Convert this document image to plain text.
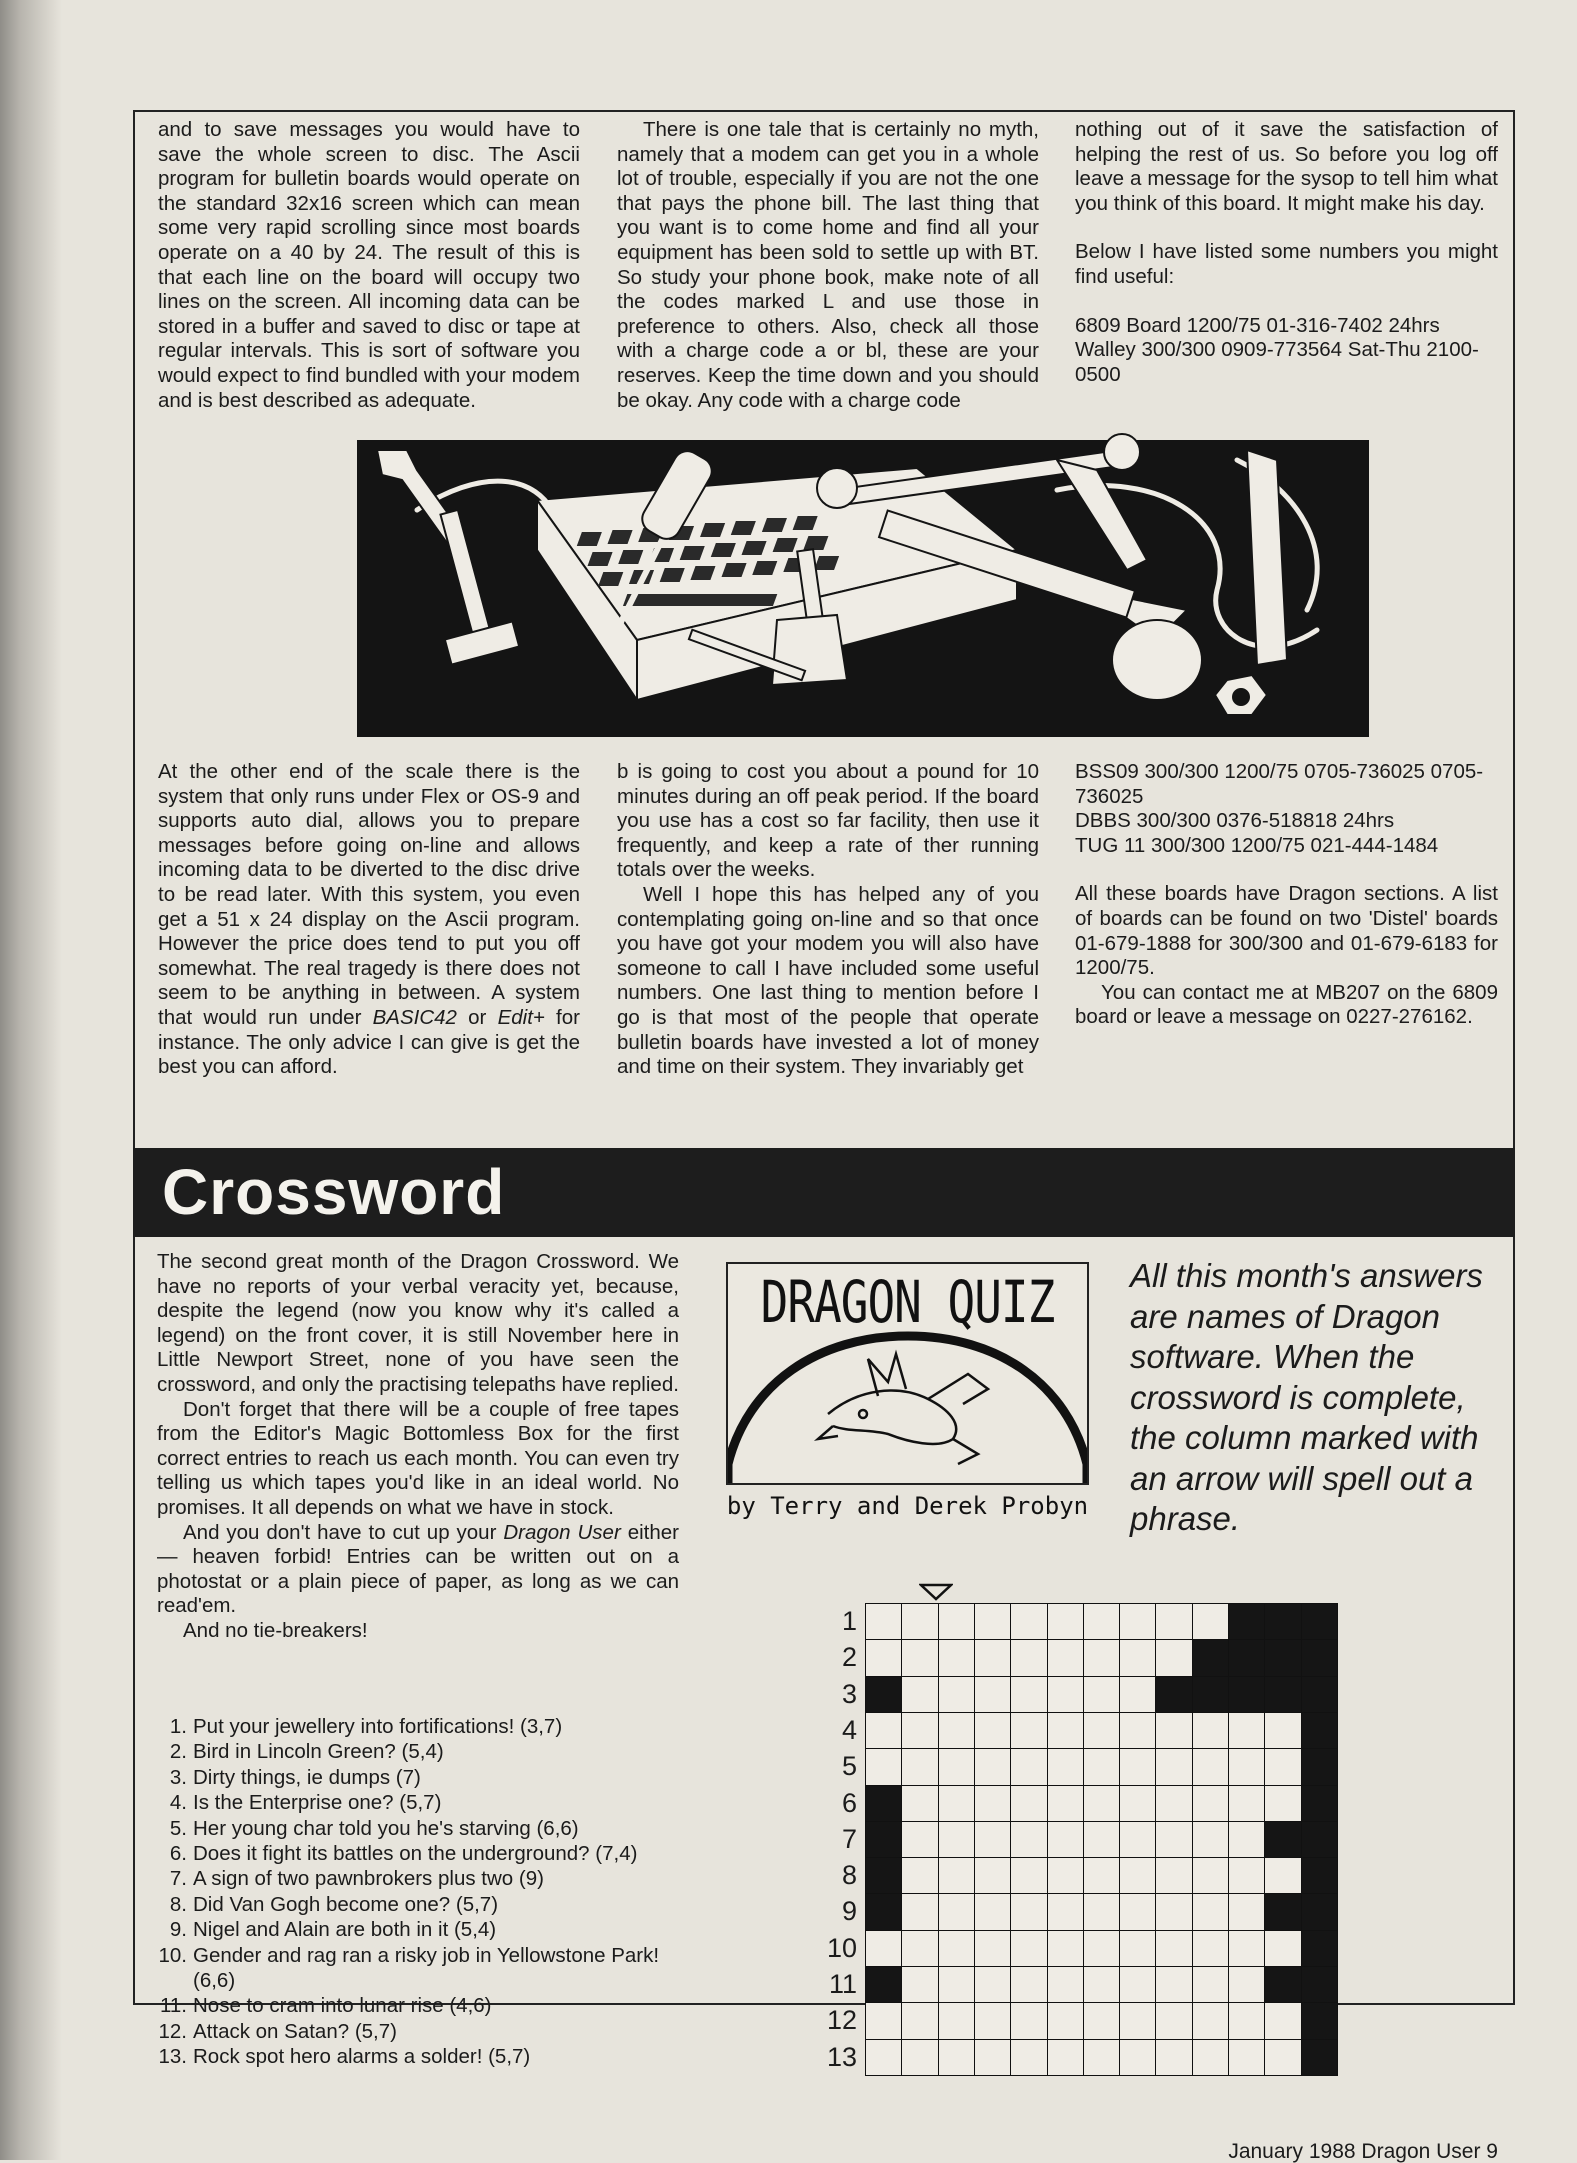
and to save messages you would have to save the whole screen to disc. The Ascii program for bulletin boards would operate on the standard 32x16 screen which can mean some very rapid scrolling since most boards operate on a 40 by 24. The result of this is that each line on the board will occupy two lines on the screen. All incoming data can be stored in a buffer and saved to disc or tape at regular intervals. This is sort of software you would expect to find bundled with your modem and is best described as adequate.

There is one tale that is certainly no myth, namely that a modem can get you in a whole lot of trouble, especially if you are not the one that pays the phone bill. The last thing that you want is to come home and find all your equipment has been sold to settle up with BT. So study your phone book, make note of all the codes marked L and use those in preference to others. Also, check all those with a charge code a or bl, these are your reserves. Keep the time down and you should be okay. Any code with a charge code

nothing out of it save the satisfaction of helping the rest of us. So before you log off leave a message for the sysop to tell him what you think of this board. It might make his day.

Below I have listed some numbers you might find useful:

6809 Board 1200/75 01-316-7402 24hrs

Walley 300/300 0909-773564 Sat-Thu 2100-0500

At the other end of the scale there is the system that only runs under Flex or OS-9 and supports auto dial, allows you to prepare messages before going on-line and allows incoming data to be diverted to the disc drive to be read later. With this system, you even get a 51 x 24 display on the Ascii program. However the price does tend to put you off somewhat. The real tragedy is there does not seem to be anything in between. A system that would run under BASIC42 or Edit+ for instance. The only advice I can give is get the best you can afford.

b is going to cost you about a pound for 10 minutes during an off peak period. If the board you use has a cost so far facility, then use it frequently, and keep a rate of ther running totals over the weeks.

Well I hope this has helped any of you contemplating going on-line and so that once you have got your modem you will also have someone to call I have included some useful numbers. One last thing to mention before I go is that most of the people that operate bulletin boards have invested a lot of money and time on their system. They invariably get

BSS09 300/300 1200/75 0705-736025 0705-736025

DBBS 300/300 0376-518818 24hrs

TUG 11 300/300 1200/75 021-444-1484

All these boards have Dragon sections. A list of boards can be found on two 'Distel' boards 01-679-1888 for 300/300 and 01-679-6183 for 1200/75.

You can contact me at MB207 on the 6809 board or leave a message on 0227-276162.

Crossword

The second great month of the Dragon Crossword. We have no reports of your verbal veracity yet, because, despite the legend (now you know why it's called a legend) on the front cover, it is still November here in Little Newport Street, none of you have seen the crossword, and only the practising telepaths have replied.

Don't forget that there will be a couple of free tapes from the Editor's Magic Bottomless Box for the first correct entries to reach us each month. You can even try telling us which tapes you'd like in an ideal world. No promises. It all depends on what we have in stock.

And you don't have to cut up your Dragon User either — heaven forbid! Entries can be written out on a photostat or a plain piece of paper, as long as we can read'em.

And no tie-breakers!

1. Put your jewellery into fortifications! (3,7)
2. Bird in Lincoln Green? (5,4)
3. Dirty things, ie dumps (7)
4. Is the Enterprise one? (5,7)
5. Her young char told you he's starving (6,6)
6. Does it fight its battles on the underground? (7,4)
7. A sign of two pawnbrokers plus two (9)
8. Did Van Gogh become one? (5,7)
9. Nigel and Alain are both in it (5,4)
10. Gender and rag ran a risky job in Yellowstone Park! (6,6)
11. Nose to cram into lunar rise (4,6)
12. Attack on Satan? (5,7)
13. Rock spot hero alarms a solder! (5,7)
DRAGON QUIZ
by Terry and Derek Probyn
All this month's answers are names of Dragon software. When the crossword is complete, the column marked with an arrow will spell out a phrase.
1
2
3
4
5
6
7
8
9
10
11
12
13
January 1988 Dragon User 9
